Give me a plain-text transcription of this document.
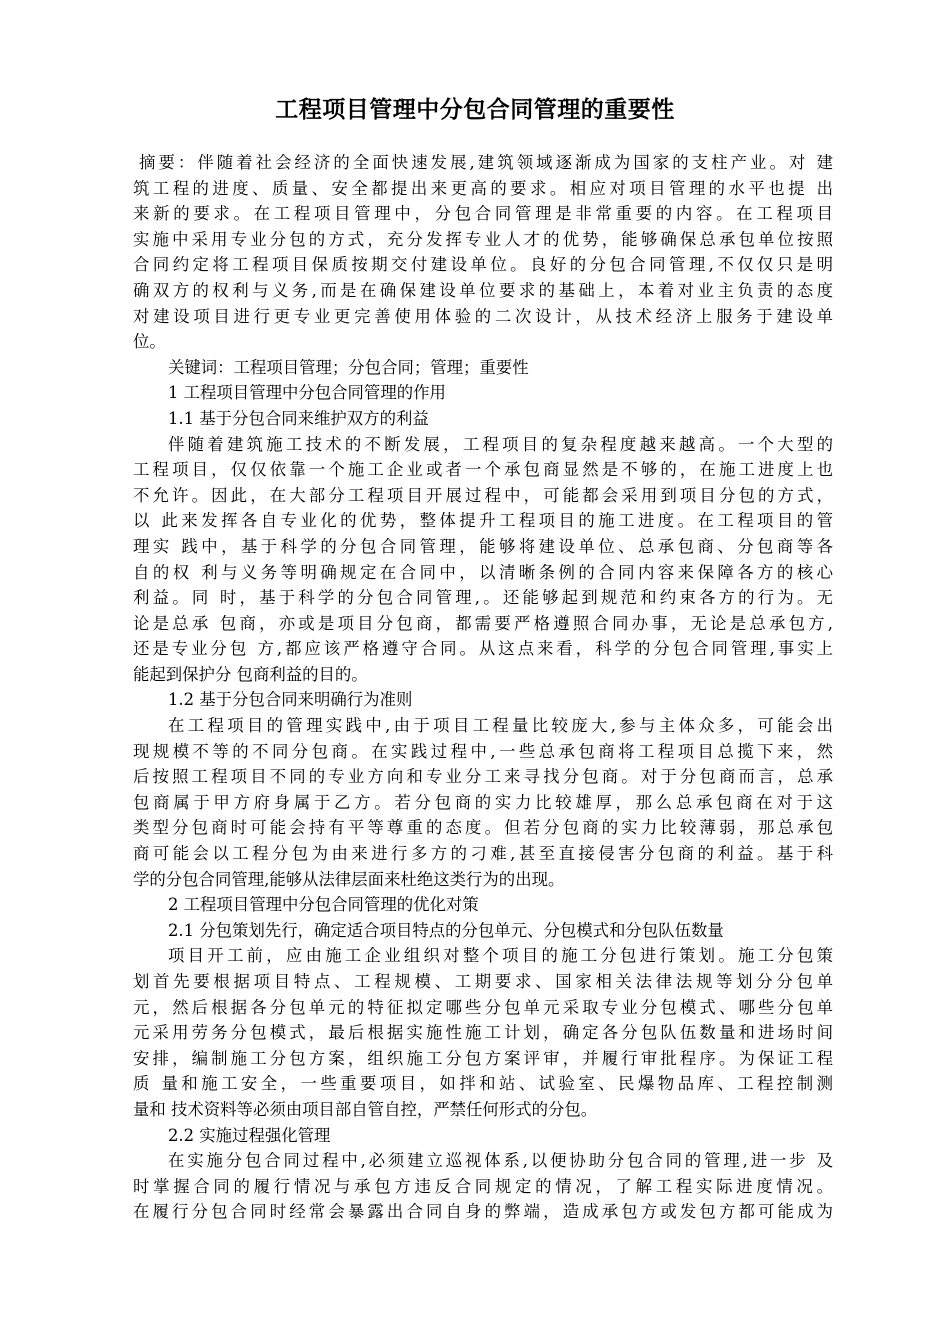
工程项目管理中分包合同管理的重要性
摘要：伴随着社会经济的全面快速发展,建筑领域逐渐成为国家的支柱产业。对 建
筑工程的进度、质量、安全都提出来更高的要求。相应对项目管理的水平也提 出
来新的要求。在工程项目管理中，分包合同管理是非常重要的内容。在工程项目
实施中采用专业分包的方式，充分发挥专业人才的优势，能够确保总承包单位按照
合同约定将工程项目保质按期交付建设单位。良好的分包合同管理,不仅仅只是明
确双方的权利与义务,而是在确保建设单位要求的基础上，本着对业主负责的态度
对建设项目进行更专业更完善使用体验的二次设计，从技术经济上服务于建设单
位。
关键词：工程项目管理；分包合同；管理；重要性
1 工程项目管理中分包合同管理的作用
1.1 基于分包合同来维护双方的利益
伴随着建筑施工技术的不断发展，工程项目的复杂程度越来越高。一个大型的
工程项目，仅仅依靠一个施工企业或者一个承包商显然是不够的，在施工进度上也
不允许。因此，在大部分工程项目开展过程中，可能都会采用到项目分包的方式，
以 此来发挥各自专业化的优势，整体提升工程项目的施工进度。在工程项目的管
理实 践中，基于科学的分包合同管理，能够将建设单位、总承包商、分包商等各
自的权 利与义务等明确规定在合同中，以清晰条例的合同内容来保障各方的核心
利益。同 时，基于科学的分包合同管理,。还能够起到规范和约束各方的行为。无
论是总承 包商，亦或是项目分包商，都需要严格遵照合同办事，无论是总承包方,
还是专业分包 方,都应该严格遵守合同。从这点来看，科学的分包合同管理,事实上
能起到保护分 包商利益的目的。
1.2 基于分包合同来明确行为准则
在工程项目的管理实践中,由于项目工程量比较庞大,参与主体众多，可能会出
现规模不等的不同分包商。在实践过程中,一些总承包商将工程项目总揽下来，然
后按照工程项目不同的专业方向和专业分工来寻找分包商。对于分包商而言，总承
包商属于甲方府身属于乙方。若分包商的实力比较雄厚，那么总承包商在对于这
类型分包商时可能会持有平等尊重的态度。但若分包商的实力比较薄弱，那总承包
商可能会以工程分包为由来进行多方的刁难,甚至直接侵害分包商的利益。基于科
学的分包合同管理,能够从法律层面来杜绝这类行为的出现。
2 工程项目管理中分包合同管理的优化对策
2.1 分包策划先行，确定适合项目特点的分包单元、分包模式和分包队伍数量
项目开工前，应由施工企业组织对整个项目的施工分包进行策划。施工分包策
划首先要根据项目特点、工程规模、工期要求、国家相关法律法规等划分分包单
元，然后根据各分包单元的特征拟定哪些分包单元采取专业分包模式、哪些分包单
元采用劳务分包模式，最后根据实施性施工计划，确定各分包队伍数量和进场时间
安排，编制施工分包方案，组织施工分包方案评审，并履行审批程序。为保证工程
质 量和施工安全，一些重要项目，如拌和站、试验室、民爆物品库、工程控制测
量和 技术资料等必须由项目部自管自控，严禁任何形式的分包。
2.2 实施过程强化管理
在实施分包合同过程中,必须建立巡视体系,以便协助分包合同的管理,进一步 及
时掌握合同的履行情况与承包方违反合同规定的情况，了解工程实际进度情况。
在履行分包合同时经常会暴露出合同自身的弊端，造成承包方或发包方都可能成为
